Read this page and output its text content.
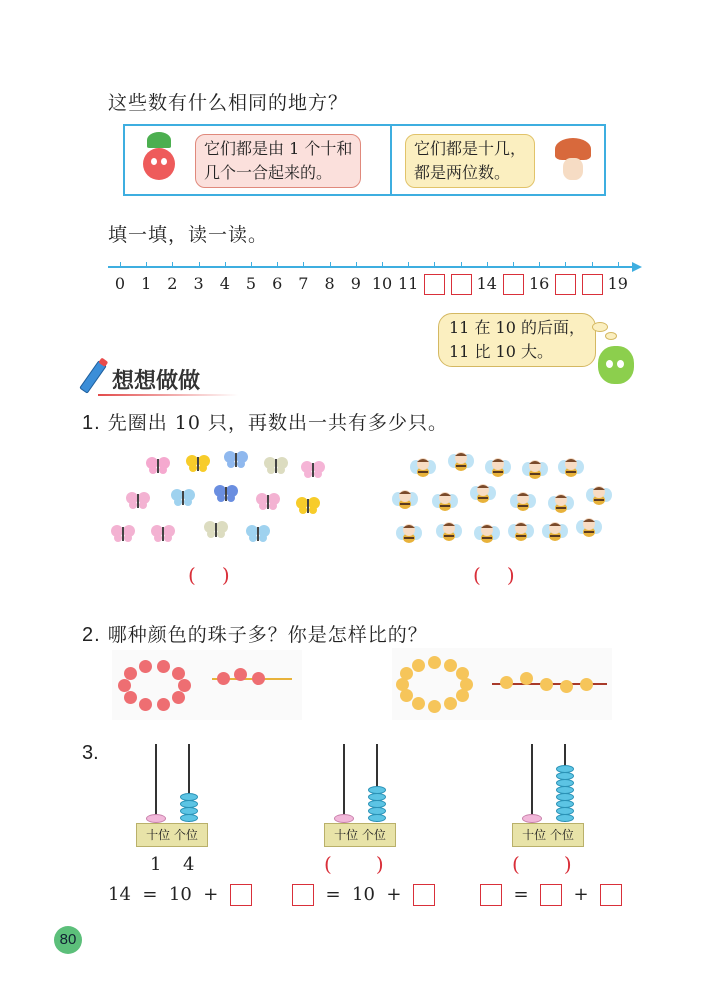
这些数有什么相同的地方？
它们都是由 1 个十和
几个一合起来的。
它们都是十几，
都是两位数。
填一填，读一读。
0	1	2	3	4	5	6	7	8	9 10 11	14 16	19
11 在 10 的后面，
11 比 10 大。
想想做做
1. 先圈出 10 只，再数出一共有多少只。
( )	( )
2. 哪种颜色的珠子多？你是怎样比的？
3.
十位 个位
1 4
14 = 10 +
十位 个位
( )
= 10 +
十位 个位
( )
= +
80
